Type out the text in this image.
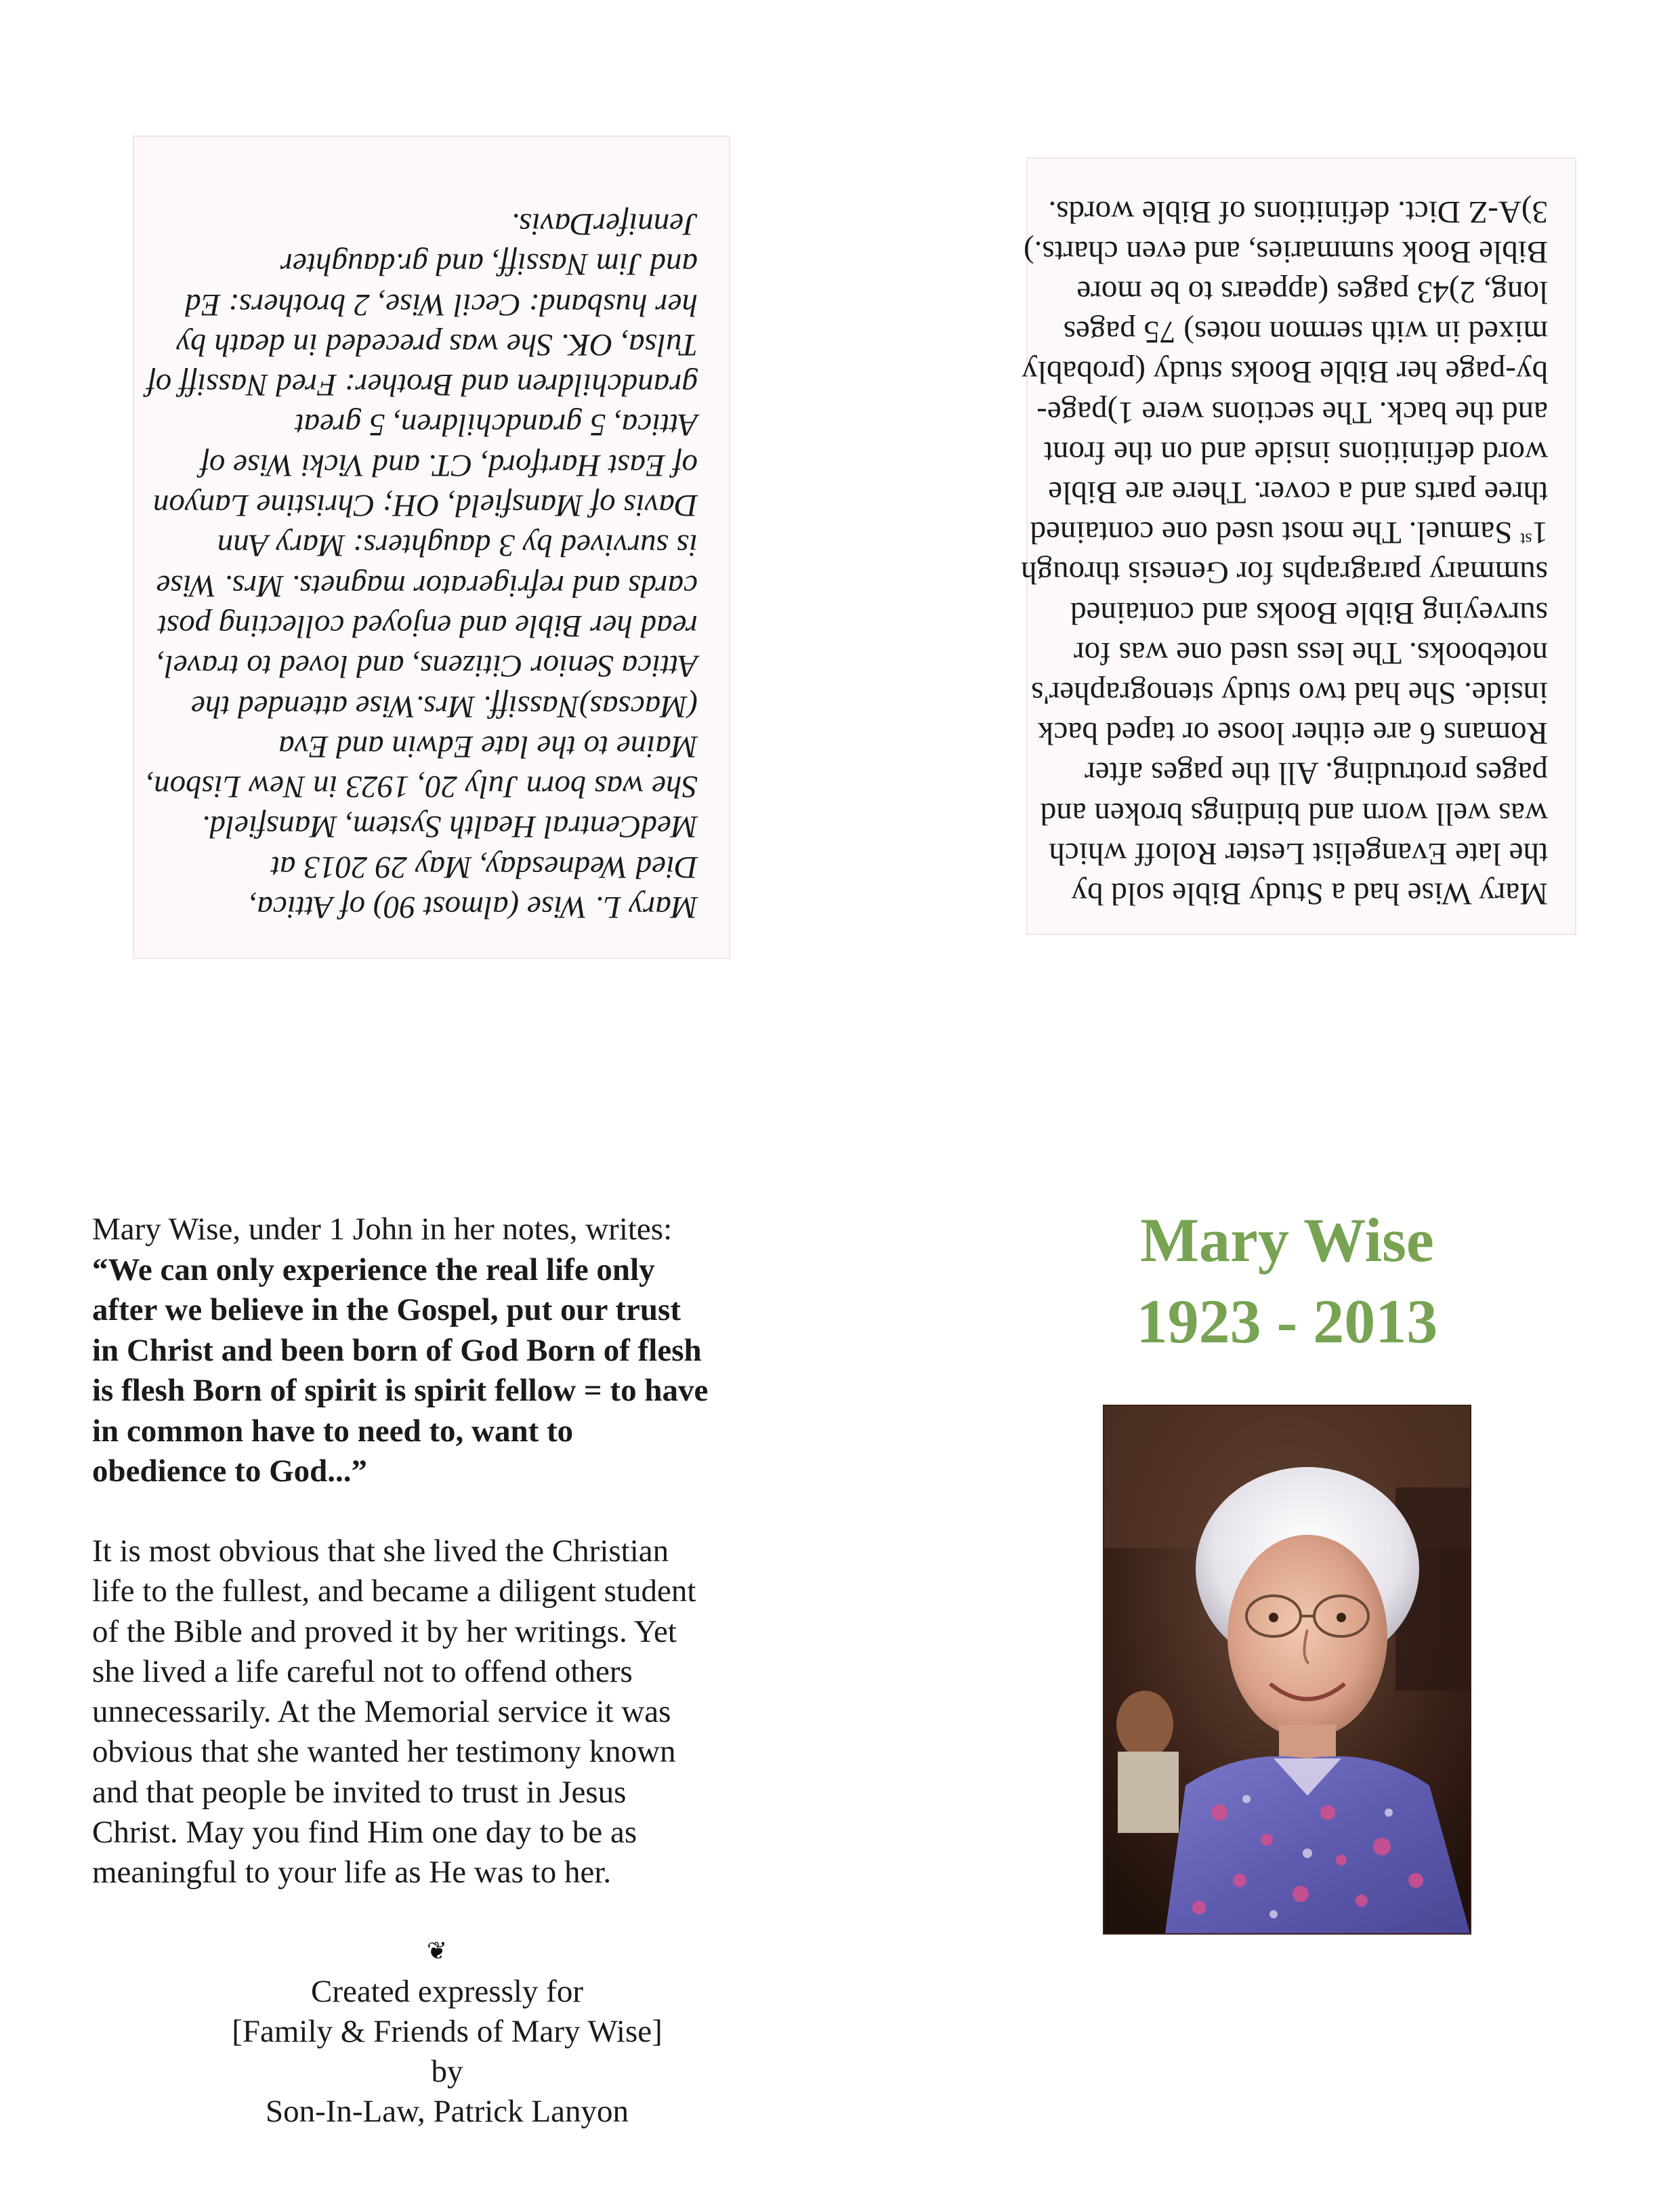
Mary L. Wise (almost 90) of Attica,
Died Wednesday, May 29 2013 at
MedCentral Health System, Mansfield.
She was born July 20, 1923 in New Lisbon,
Maine to the late Edwin and Eva
(Macsas)Nassiff. Mrs.Wise attended the
Attica Senior Citizens, and loved to travel,
read her Bible and enjoyed collecting post
cards and refrigerator magnets. Mrs. Wise
is survived by 3 daughters: Mary Ann
Davis of Mansfield, OH; Christine Lanyon
of East Hartford, CT. and Vicki Wise of
Attica, 5 grandchildren, 5 great
grandchildren and Brother: Fred Nassiff of
Tulsa, OK. She was preceded in death by
her husband: Cecil Wise, 2 brothers: Ed
and Jim Nassiff, and gr.daughter
JenniferDavis.

Mary Wise had a Study Bible sold by
the late Evangelist Lester Roloff which
was well worn and bindings broken and
pages protruding. All the pages after
Romans 6 are either loose or taped back
inside. She had two study stenographer's
notebooks. The less used one was for
surveying Bible Books and contained
summary paragraphs for Genesis through
1st Samuel. The most used one contained
three parts and a cover. There are Bible
word definitions inside and on the front
and the back. The sections were 1)page-
by-page her Bible Books study (probably
mixed in with sermon notes) 75 pages
long, 2)43 pages (appears to be more
Bible Book summaries, and even charts.)
3)A-Z Dict. definitions of Bible words.

Mary Wise, under 1 John in her notes, writes:
“We can only experience the real life only
after we believe in the Gospel, put our trust
in Christ and been born of God Born of flesh
is flesh Born of spirit is spirit fellow = to have
in common have to need to, want to
obedience to God...”
It is most obvious that she lived the Christian
life to the fullest, and became a diligent student
of the Bible and proved it by her writings. Yet
she lived a life careful not to offend others
unnecessarily. At the Memorial service it was
obvious that she wanted her testimony known
and that people be invited to trust in Jesus
Christ. May you find Him one day to be as
meaningful to your life as He was to her.
❦
Created expressly for
[Family & Friends of Mary Wise]
by
Son-In-Law, Patrick Lanyon
Mary Wise
1923 - 2013
